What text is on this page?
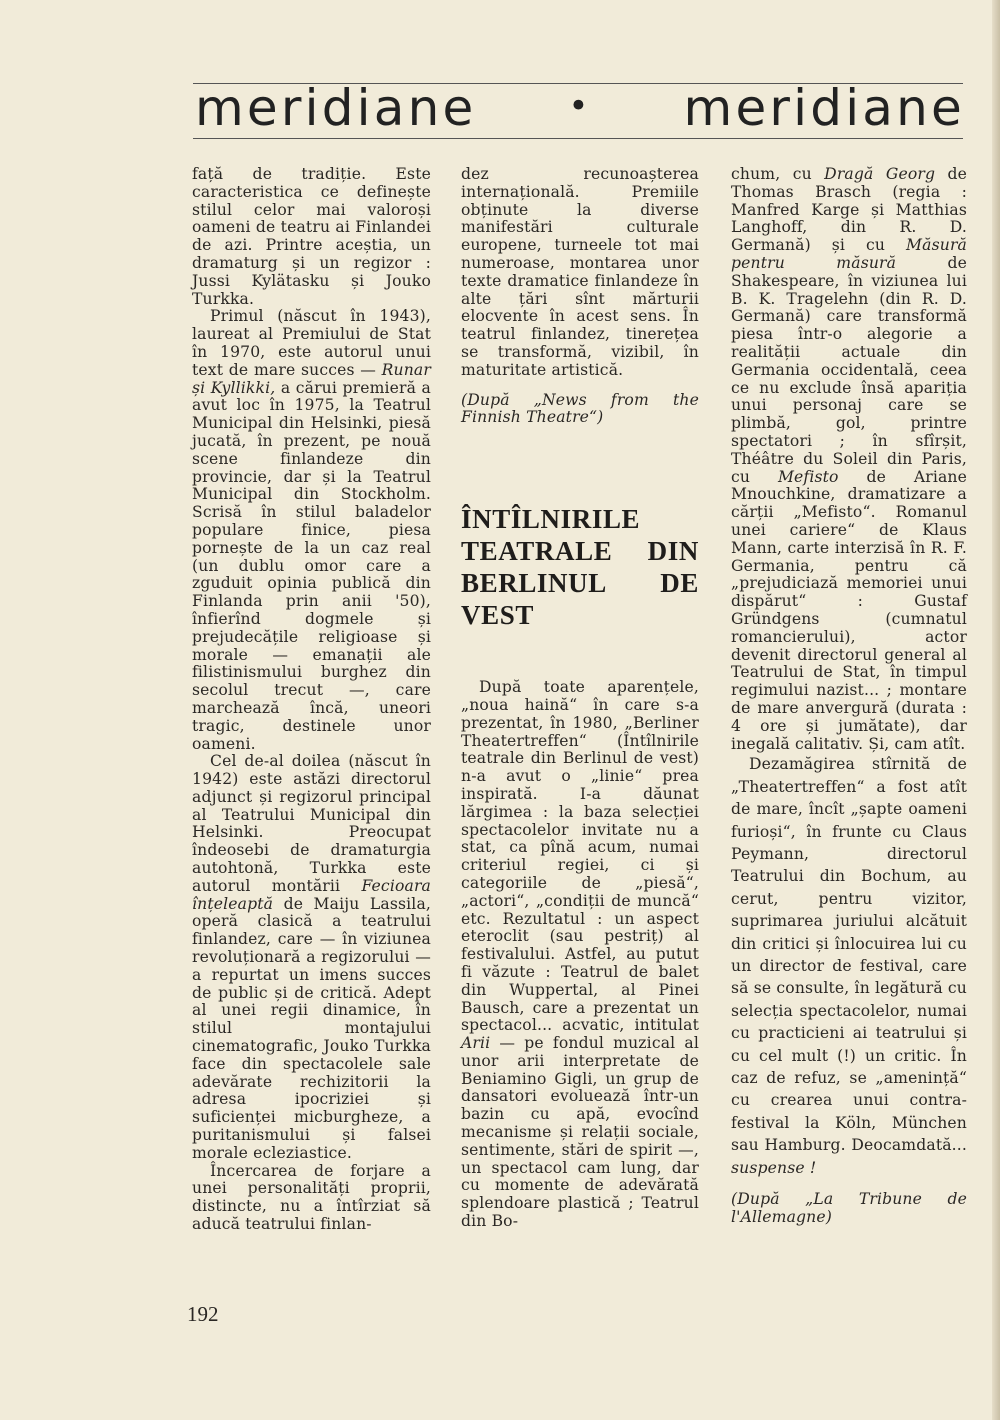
meridiane	• meridiane

față de tradiție. Este caracteristica ce definește stilul celor mai valoroși oameni de teatru ai Finlandei de azi. Printre aceștia, un dramaturg și un regizor : Jussi Kylätasku și Jouko Turkka.

Primul (născut în 1943), laureat al Premiului de Stat în 1970, este autorul unui text de mare succes — Runar și Kyllikki, a cărui premieră a avut loc în 1975, la Teatrul Municipal din Helsinki, piesă jucată, în prezent, pe nouă scene finlandeze din provincie, dar și la Teatrul Municipal din Stockholm. Scrisă în stilul baladelor populare finice, piesa pornește de la un caz real (un dublu omor care a zguduit opinia publică din Finlanda prin anii '50), înfierînd dogmele și prejudecățile religioase și morale — emanații ale filistinismului burghez din secolul trecut —, care marchează încă, uneori tragic, destinele unor oameni.

Cel de-al doilea (născut în 1942) este astăzi directorul adjunct și regizorul principal al Teatrului Municipal din Helsinki. Preocupat îndeosebi de dramaturgia autohtonă, Turkka este autorul montării Fecioara înțeleaptă de Maiju Lassila, operă clasică a teatrului finlandez, care — în viziunea revoluționară a regizorului — a repurtat un imens succes de public și de critică. Adept al unei regii dinamice, în stilul montajului cinematografic, Jouko Turkka face din spectacolele sale adevărate rechizitorii la adresa ipocriziei și suficienței micburgheze, a puritanismului și falsei morale ecleziastice.

Încercarea de forjare a unei personalități proprii, distincte, nu a întîrziat să aducă teatrului finlan-

dez recunoașterea internațională. Premiile obținute la diverse manifestări culturale europene, turneele tot mai numeroase, montarea unor texte dramatice finlandeze în alte țări sînt mărturii elocvente în acest sens. În teatrul finlandez, tinerețea se transformă, vizibil, în maturitate artistică.

(După „News from the Finnish Theatre“)

ÎNTÎLNIRILE TEATRALE DIN BERLINUL DE VEST

După toate aparențele, „noua haină“ în care s-a prezentat, în 1980, „Berliner Theatertreffen“ (Întîlnirile teatrale din Berlinul de vest) n-a avut o „linie“ prea inspirată. I-a dăunat lărgimea : la baza selecției spectacolelor invitate nu a stat, ca pînă acum, numai criteriul regiei, ci și categoriile de „piesă“, „actori“, „condiții de muncă“ etc. Rezultatul : un aspect eteroclit (sau pestriț) al festivalului. Astfel, au putut fi văzute : Teatrul de balet din Wuppertal, al Pinei Bausch, care a prezentat un spectacol... acvatic, intitulat Arii — pe fondul muzical al unor arii interpretate de Beniamino Gigli, un grup de dansatori evoluează într-un bazin cu apă, evocînd mecanisme și relații sociale, sentimente, stări de spirit —, un spectacol cam lung, dar cu momente de adevărată splendoare plastică ; Teatrul din Bo-

chum, cu Dragă Georg de Thomas Brasch (regia : Manfred Karge și Matthias Langhoff, din R. D. Germană) și cu Măsură pentru măsură de Shakespeare, în viziunea lui B. K. Tragelehn (din R. D. Germană) care transformă piesa într-o alegorie a realității actuale din Germania occidentală, ceea ce nu exclude însă apariția unui personaj care se plimbă, gol, printre spectatori ; în sfîrșit, Théâtre du Soleil din Paris, cu Mefisto de Ariane Mnouchkine, dramatizare a cărții „Mefisto“. Romanul unei cariere“ de Klaus Mann, carte interzisă în R. F. Germania, pentru că „prejudiciază memoriei unui dispărut“ : Gustaf Gründgens (cumnatul romancierului), actor devenit directorul general al Teatrului de Stat, în timpul regimului nazist... ; montare de mare anvergură (durata : 4 ore și jumătate), dar inegală calitativ. Și, cam atît.

Dezamăgirea stîrnită de „Theatertreffen“ a fost atît de mare, încît „șapte oameni furioși“, în frunte cu Claus Peymann, directorul Teatrului din Bochum, au cerut, pentru vizitor, suprimarea juriului alcătuit din critici și înlocuirea lui cu un director de festival, care să se consulte, în legătură cu selecția spectacolelor, numai cu practicieni ai teatrului și cu cel mult (!) un critic. În caz de refuz, se „amenință“ cu crearea unui contra-festival la Köln, München sau Hamburg. Deocamdată... suspense !

(După „La Tribune de l'Allemagne)

192
